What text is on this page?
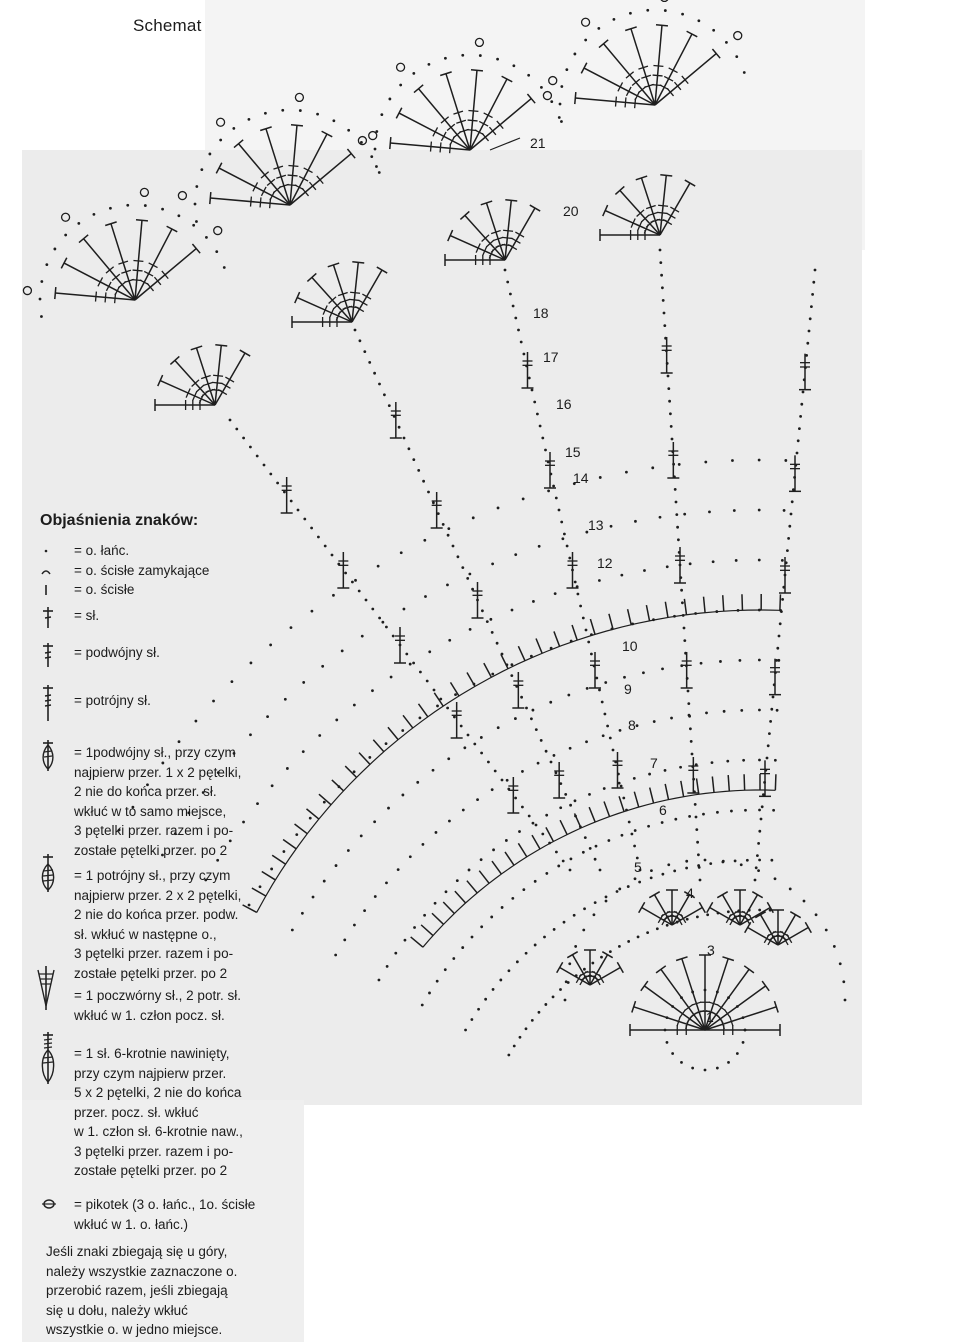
Schemat
21
20
18
17
16
15
14
13
12
10
9
8
7
6
5
4
3
1
Objaśnienia znaków:
= o. łańc.
= o. ścisłe zamykające
= o. ścisłe
= sł.
= podwójny sł.
= potrójny sł.
= 1podwójny sł., przy czym
najpierw przer. 1 x 2 pętelki,
2 nie do końca przer. sł.
wkłuć w to samo miejsce,
3 pętelki przer. razem i po-
zostałe pętelki przer. po 2
= 1 potrójny sł., przy czym
najpierw przer. 2 x 2 pętelki,
2 nie do końca przer. podw.
sł. wkłuć w następne o.,
3 pętelki przer. razem i po-
zostałe pętelki przer. po 2
= 1 poczwórny sł., 2 potr. sł.
wkłuć w 1. człon pocz. sł.
= 1 sł. 6-krotnie nawinięty,
przy czym najpierw przer.
5 x 2 pętelki, 2 nie do końca
przer. pocz. sł. wkłuć
w 1. człon sł. 6-krotnie naw.,
3 pętelki przer. razem i po-
zostałe pętelki przer. po 2
= pikotek (3 o. łańc., 1o. ścisłe
wkłuć w 1. o. łańc.)
Jeśli znaki zbiegają się u góry,
należy wszystkie zaznaczone o.
przerobić razem, jeśli zbiegają
się u dołu, należy wkłuć
wszystkie o. w jedno miejsce.
